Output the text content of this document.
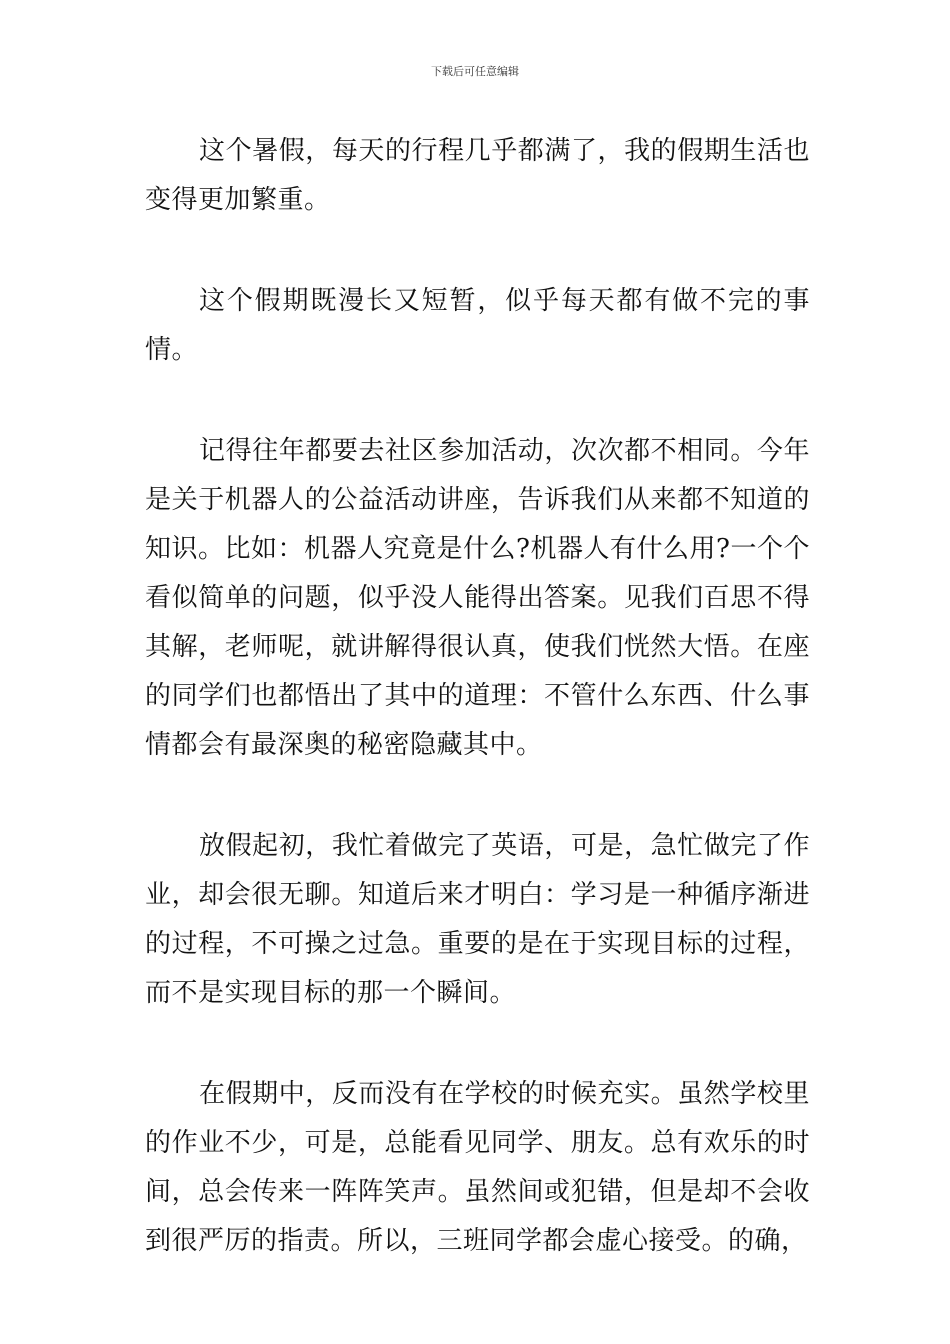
下载后可任意编辑

这个暑假，每天的行程几乎都满了，我的假期生活也变得更加繁重。

这个假期既漫长又短暂，似乎每天都有做不完的事情。

记得往年都要去社区参加活动，次次都不相同。今年是关于机器人的公益活动讲座，告诉我们从来都不知道的知识。比如：机器人究竟是什么?机器人有什么用?一个个看似简单的问题，似乎没人能得出答案。见我们百思不得其解，老师呢，就讲解得很认真，使我们恍然大悟。在座的同学们也都悟出了其中的道理：不管什么东西、什么事情都会有最深奥的秘密隐藏其中。

放假起初，我忙着做完了英语，可是，急忙做完了作业，却会很无聊。知道后来才明白：学习是一种循序渐进的过程，不可操之过急。重要的是在于实现目标的过程，而不是实现目标的那一个瞬间。

在假期中，反而没有在学校的时候充实。虽然学校里的作业不少，可是，总能看见同学、朋友。总有欢乐的时间，总会传来一阵阵笑声。虽然间或犯错，但是却不会收到很严厉的指责。所以，三班同学都会虚心接受。的确，
